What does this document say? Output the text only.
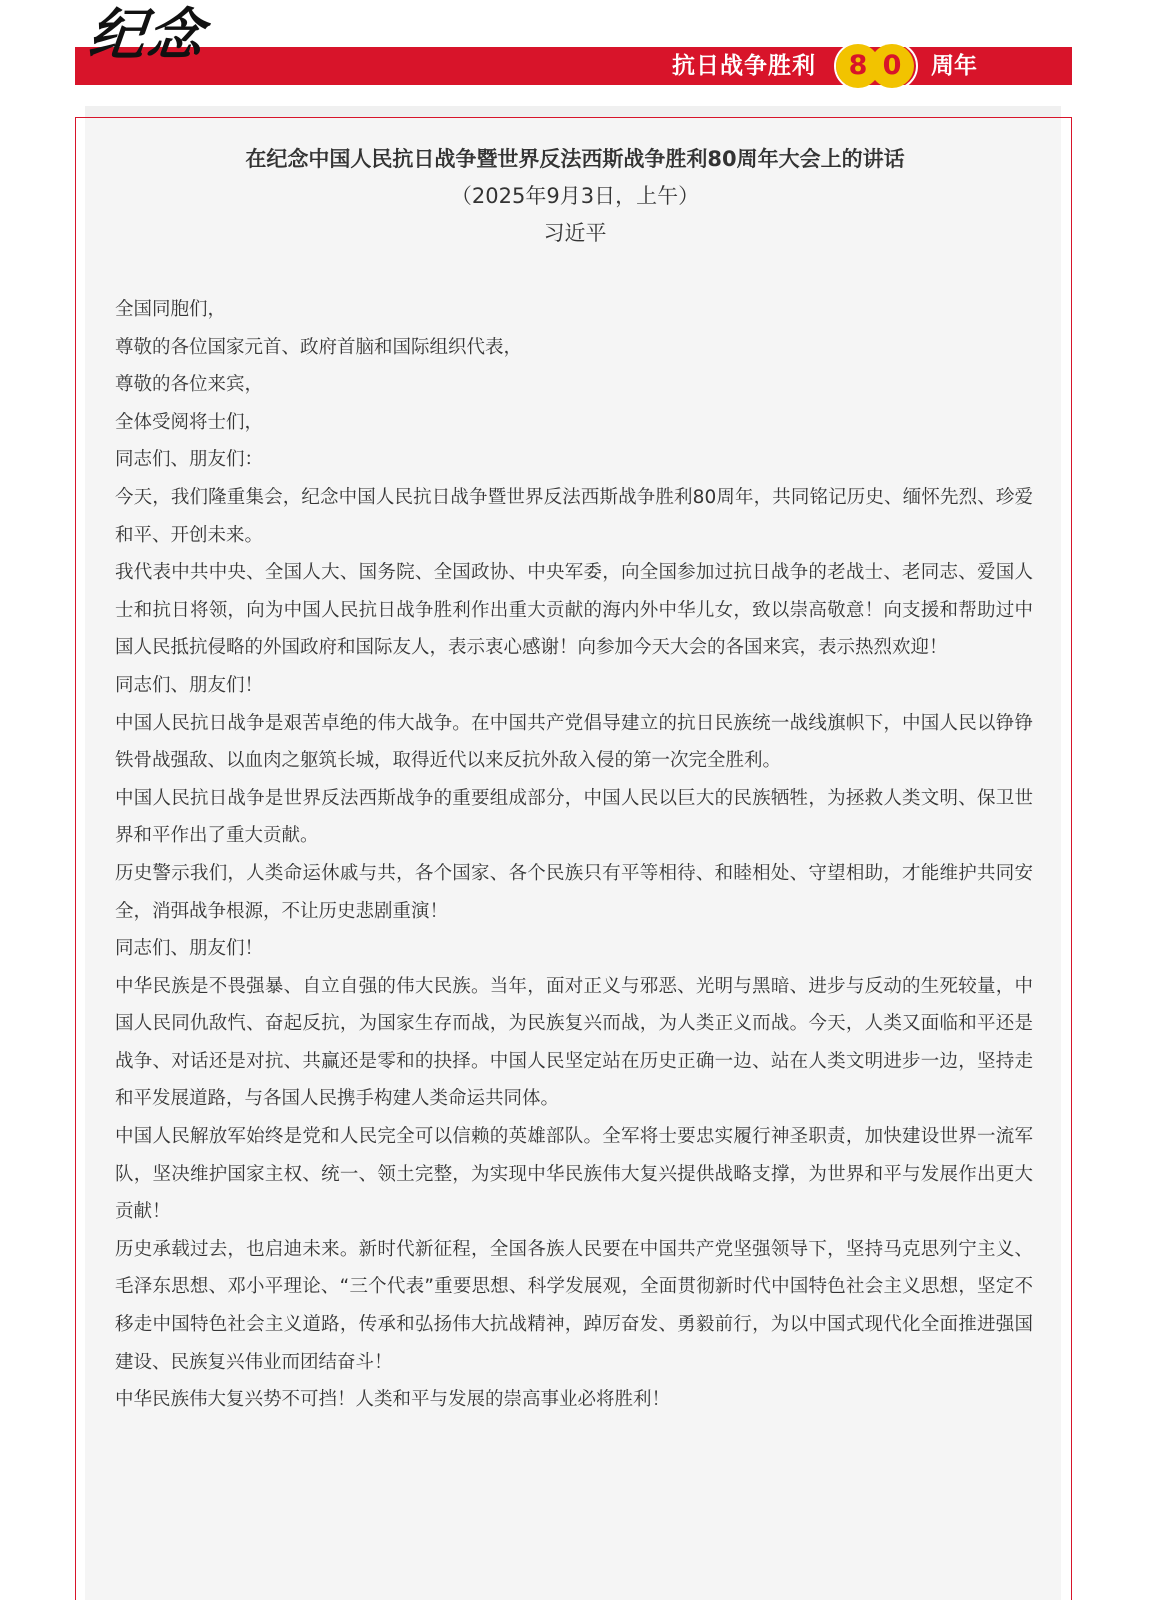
纪念	抗日战争胜利	8 0	周年
在纪念中国人民抗日战争暨世界反法西斯战争胜利80周年大会上的讲话
（2025年9月3日，上午）
习近平

全国同胞们，

尊敬的各位国家元首、政府首脑和国际组织代表，

尊敬的各位来宾，

全体受阅将士们，

同志们、朋友们：

今天，我们隆重集会，纪念中国人民抗日战争暨世界反法西斯战争胜利80周年，共同铭记历史、缅怀先烈、珍爱和平、开创未来。

我代表中共中央、全国人大、国务院、全国政协、中央军委，向全国参加过抗日战争的老战士、老同志、爱国人士和抗日将领，向为中国人民抗日战争胜利作出重大贡献的海内外中华儿女，致以崇高敬意！向支援和帮助过中国人民抵抗侵略的外国政府和国际友人，表示衷心感谢！向参加今天大会的各国来宾，表示热烈欢迎！

同志们、朋友们！

中国人民抗日战争是艰苦卓绝的伟大战争。在中国共产党倡导建立的抗日民族统一战线旗帜下，中国人民以铮铮铁骨战强敌、以血肉之躯筑长城，取得近代以来反抗外敌入侵的第一次完全胜利。

中国人民抗日战争是世界反法西斯战争的重要组成部分，中国人民以巨大的民族牺牲，为拯救人类文明、保卫世界和平作出了重大贡献。

历史警示我们，人类命运休戚与共，各个国家、各个民族只有平等相待、和睦相处、守望相助，才能维护共同安全，消弭战争根源，不让历史悲剧重演！

同志们、朋友们！

中华民族是不畏强暴、自立自强的伟大民族。当年，面对正义与邪恶、光明与黑暗、进步与反动的生死较量，中国人民同仇敌忾、奋起反抗，为国家生存而战，为民族复兴而战，为人类正义而战。今天，人类又面临和平还是战争、对话还是对抗、共赢还是零和的抉择。中国人民坚定站在历史正确一边、站在人类文明进步一边，坚持走和平发展道路，与各国人民携手构建人类命运共同体。

中国人民解放军始终是党和人民完全可以信赖的英雄部队。全军将士要忠实履行神圣职责，加快建设世界一流军队，坚决维护国家主权、统一、领土完整，为实现中华民族伟大复兴提供战略支撑，为世界和平与发展作出更大贡献！

历史承载过去，也启迪未来。新时代新征程，全国各族人民要在中国共产党坚强领导下，坚持马克思列宁主义、毛泽东思想、邓小平理论、“三个代表”重要思想、科学发展观，全面贯彻新时代中国特色社会主义思想，坚定不移走中国特色社会主义道路，传承和弘扬伟大抗战精神，踔厉奋发、勇毅前行，为以中国式现代化全面推进强国建设、民族复兴伟业而团结奋斗！

中华民族伟大复兴势不可挡！人类和平与发展的崇高事业必将胜利！
